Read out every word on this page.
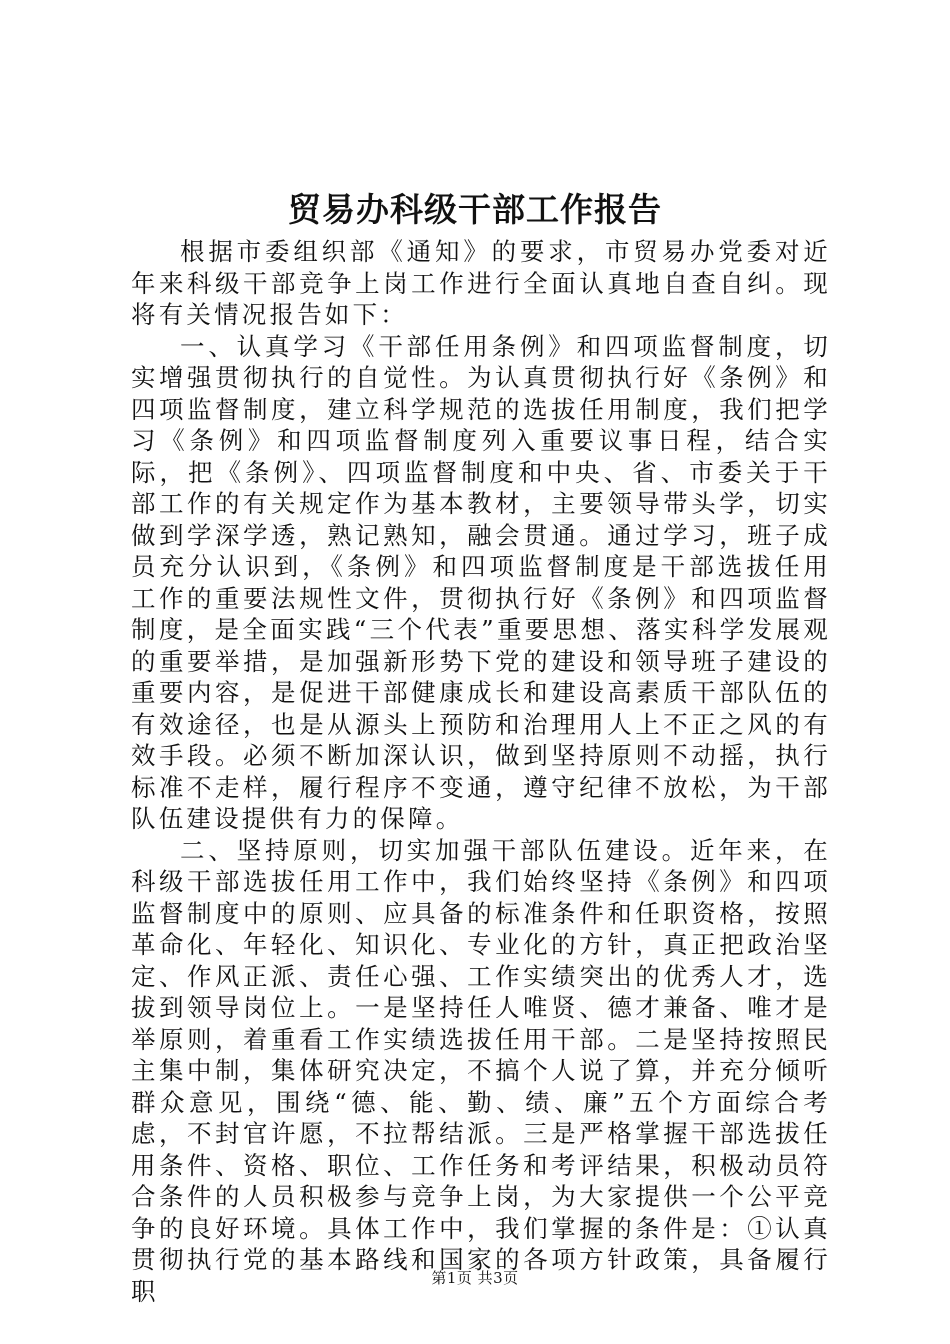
贸易办科级干部工作报告

根据市委组织部《通知》的要求，市贸易办党委对近年来科级干部竞争上岗工作进行全面认真地自查自纠。现将有关情况报告如下：

一、认真学习《干部任用条例》和四项监督制度，切实增强贯彻执行的自觉性。为认真贯彻执行好《条例》和四项监督制度，建立科学规范的选拔任用制度，我们把学习《条例》和四项监督制度列入重要议事日程，结合实际，把《条例》、四项监督制度和中央、省、市委关于干部工作的有关规定作为基本教材，主要领导带头学，切实做到学深学透，熟记熟知，融会贯通。通过学习，班子成员充分认识到，《条例》和四项监督制度是干部选拔任用工作的重要法规性文件，贯彻执行好《条例》和四项监督制度，是全面实践“三个代表”重要思想、落实科学发展观的重要举措，是加强新形势下党的建设和领导班子建设的重要内容，是促进干部健康成长和建设高素质干部队伍的有效途径，也是从源头上预防和治理用人上不正之风的有效手段。必须不断加深认识，做到坚持原则不动摇，执行标准不走样，履行程序不变通，遵守纪律不放松，为干部队伍建设提供有力的保障。

二、坚持原则，切实加强干部队伍建设。近年来，在科级干部选拔任用工作中，我们始终坚持《条例》和四项监督制度中的原则、应具备的标准条件和任职资格，按照革命化、年轻化、知识化、专业化的方针，真正把政治坚定、作风正派、责任心强、工作实绩突出的优秀人才，选拔到领导岗位上。一是坚持任人唯贤、德才兼备、唯才是举原则，着重看工作实绩选拔任用干部。二是坚持按照民主集中制，集体研究决定，不搞个人说了算，并充分倾听群众意见，围绕“德、能、勤、绩、廉”五个方面综合考虑，不封官许愿，不拉帮结派。三是严格掌握干部选拔任用条件、资格、职位、工作任务和考评结果，积极动员符合条件的人员积极参与竞争上岗，为大家提供一个公平竞争的良好环境。具体工作中，我们掌握的条件是：①认真贯彻执行党的基本路线和国家的各项方针政策，具备履行职	第1页 共3页
